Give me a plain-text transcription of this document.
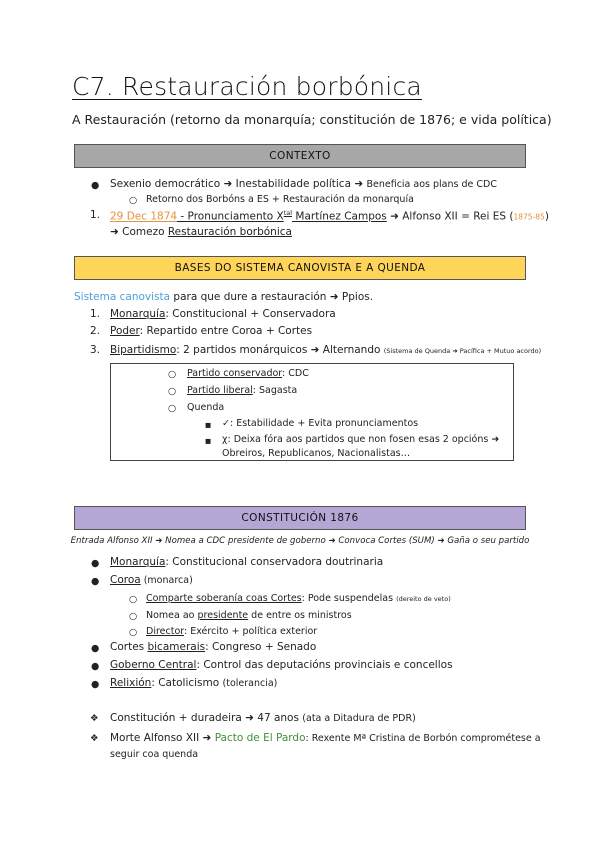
C7. Restauración borbónica
A Restauración (retorno da monarquía; constitución de 1876; e vida política)
CONTEXTO
● Sexenio democrático ➜ Inestabilidade política ➜ Beneficia aos plans de CDC
○ Retorno dos Borbóns a ES + Restauración da monarquía
1. 29 Dec 1874 - Pronunciamento $X^{tal}$ Martínez Campos ➜ Alfonso XII = Rei ES (1875-85)
➜ Comezo Restauración borbónica
BASES DO SISTEMA CANOVISTA E A QUENDA
Sistema canovista para que dure a restauración ➜ Ppios.
1. Monarquía: Constitucional + Conservadora
2. Poder: Repartido entre Coroa + Cortes
3. Bipartidismo: 2 partidos monárquicos ➜ Alternando (Sistema de Quenda ➜ Pacífica + Mutuo acordo)
○ Partido conservador: CDC
○ Partido liberal: Sagasta
○ Quenda
■ ✓: Estabilidade + Evita pronunciamentos
■ χ: Deixa fóra aos partidos que non fosen esas 2 opcións ➜
Obreiros, Republicanos, Nacionalistas…
CONSTITUCIÓN 1876
Entrada Alfonso XII ➜ Nomea a CDC presidente de goberno ➜ Convoca Cortes (SUM) ➜ Gaña o seu partido
● Monarquía: Constitucional conservadora doutrinaria
● Coroa (monarca)
○ Comparte soberanía coas Cortes: Pode suspendelas (dereito de veto)
○ Nomea ao presidente de entre os ministros
○ Director: Exército + política exterior
● Cortes bicamerais: Congreso + Senado
● Goberno Central: Control das deputacións provinciais e concellos
● Relixión: Catolicismo (tolerancia)
❖ Constitución + duradeira ➜ 47 anos (ata a Ditadura de PDR)
❖ Morte Alfonso XII ➜ Pacto de El Pardo: Rexente Mª Cristina de Borbón comprométese a
seguir coa quenda
